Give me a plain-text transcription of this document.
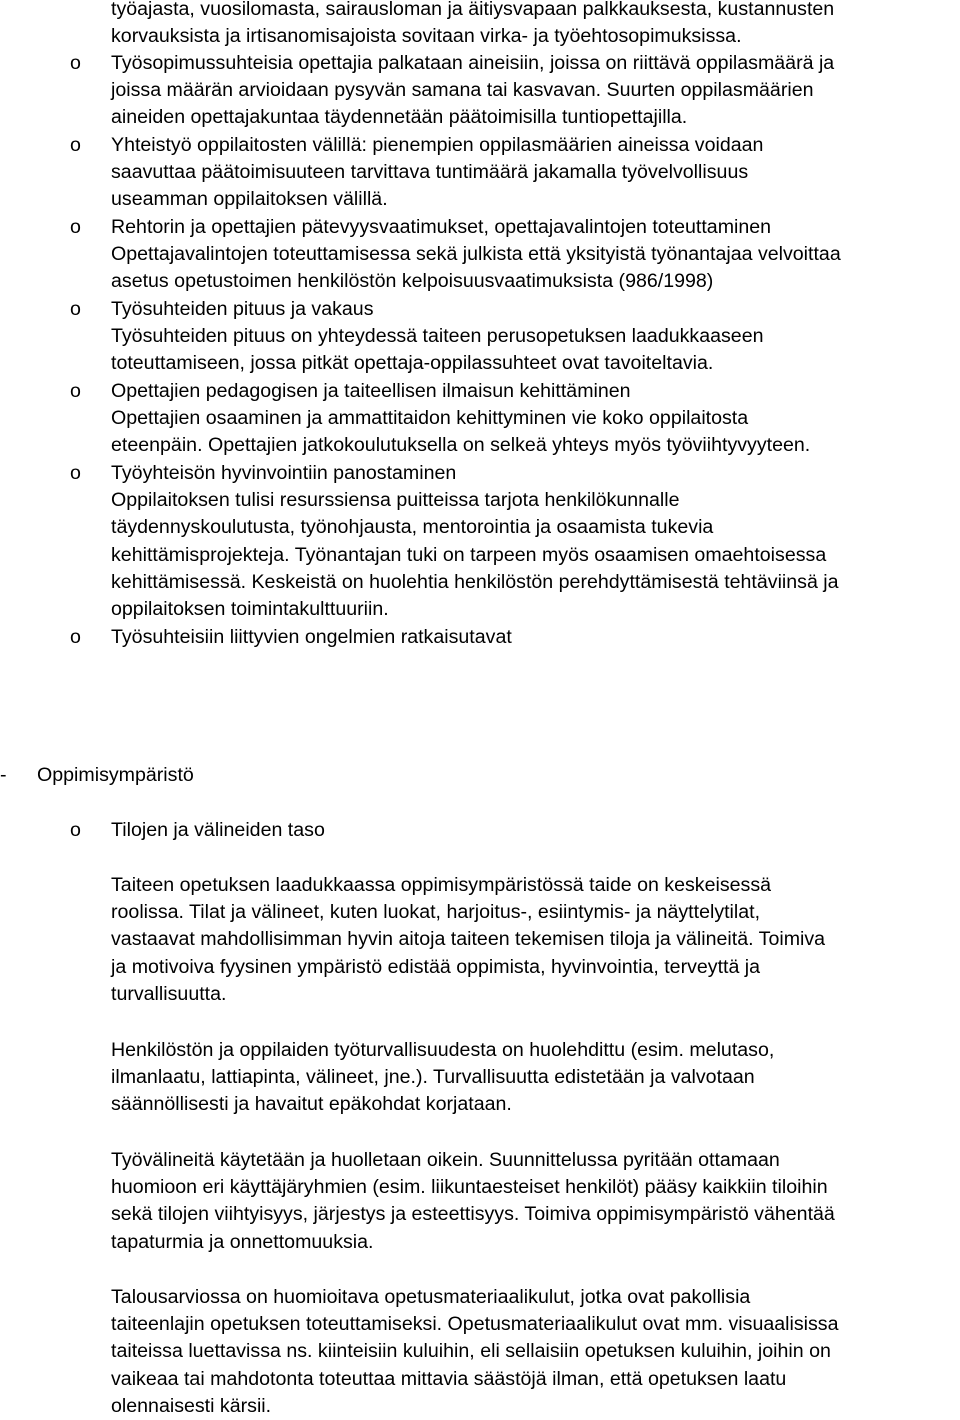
työajasta, vuosilomasta, sairausloman ja äitiysvapaan palkkauksesta, kustannusten
korvauksista ja irtisanomisajoista sovitaan virka- ja työehtosopimuksissa.

o Työsopimussuhteisia opettajia palkataan aineisiin, joissa on riittävä oppilasmäärä ja
joissa määrän arvioidaan pysyvän samana tai kasvavan. Suurten oppilasmäärien
aineiden opettajakuntaa täydennetään päätoimisilla tuntiopettajilla.

o Yhteistyö oppilaitosten välillä: pienempien oppilasmäärien aineissa voidaan
saavuttaa päätoimisuuteen tarvittava tuntimäärä jakamalla työvelvollisuus
useamman oppilaitoksen välillä.

o Rehtorin ja opettajien pätevyysvaatimukset, opettajavalintojen toteuttaminen
Opettajavalintojen toteuttamisessa sekä julkista että yksityistä työnantajaa velvoittaa
asetus opetustoimen henkilöstön kelpoisuusvaatimuksista (986/1998)

o Työsuhteiden pituus ja vakaus
Työsuhteiden pituus on yhteydessä taiteen perusopetuksen laadukkaaseen
toteuttamiseen, jossa pitkät opettaja-oppilassuhteet ovat tavoiteltavia.

o Opettajien pedagogisen ja taiteellisen ilmaisun kehittäminen
Opettajien osaaminen ja ammattitaidon kehittyminen vie koko oppilaitosta
eteenpäin. Opettajien jatkokoulutuksella on selkeä yhteys myös työviihtyvyyteen.

o Työyhteisön hyvinvointiin panostaminen
Oppilaitoksen tulisi resurssiensa puitteissa tarjota henkilökunnalle
täydennyskoulutusta, työnohjausta, mentorointia ja osaamista tukevia
kehittämisprojekteja. Työnantajan tuki on tarpeen myös osaamisen omaehtoisessa
kehittämisessä. Keskeistä on huolehtia henkilöstön perehdyttämisestä tehtäviinsä ja
oppilaitoksen toimintakulttuuriin.

o Työsuhteisiin liittyvien ongelmien ratkaisutavat

- Oppimisympäristö
o Tilojen ja välineiden taso

Taiteen opetuksen laadukkaassa oppimisympäristössä taide on keskeisessä
roolissa. Tilat ja välineet, kuten luokat, harjoitus-, esiintymis- ja näyttelytilat,
vastaavat mahdollisimman hyvin aitoja taiteen tekemisen tiloja ja välineitä. Toimiva
ja motivoiva fyysinen ympäristö edistää oppimista, hyvinvointia, terveyttä ja
turvallisuutta.

Henkilöstön ja oppilaiden työturvallisuudesta on huolehdittu (esim. melutaso,
ilmanlaatu, lattiapinta, välineet, jne.). Turvallisuutta edistetään ja valvotaan
säännöllisesti ja havaitut epäkohdat korjataan.

Työvälineitä käytetään ja huolletaan oikein. Suunnittelussa pyritään ottamaan
huomioon eri käyttäjäryhmien (esim. liikuntaesteiset henkilöt) pääsy kaikkiin tiloihin
sekä tilojen viihtyisyys, järjestys ja esteettisyys. Toimiva oppimisympäristö vähentää
tapaturmia ja onnettomuuksia.

Talousarviossa on huomioitava opetusmateriaalikulut, jotka ovat pakollisia
taiteenlajin opetuksen toteuttamiseksi. Opetusmateriaalikulut ovat mm. visuaalisissa
taiteissa luettavissa ns. kiinteisiin kuluihin, eli sellaisiin opetuksen kuluihin, joihin on
vaikeaa tai mahdotonta toteuttaa mittavia säästöjä ilman, että opetuksen laatu
olennaisesti kärsii.
